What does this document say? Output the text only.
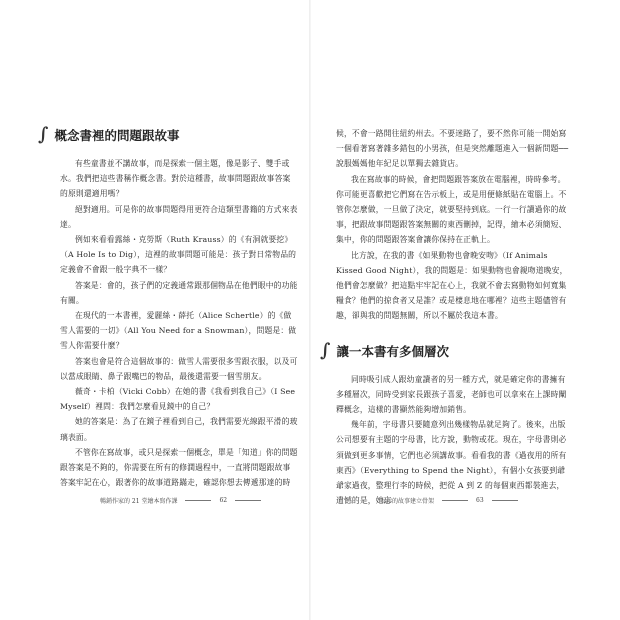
∫ 概念書裡的問題跟故事

有些童書並不講故事，而是探索一個主題，像是影子、雙手或水。我們把這些書稱作概念書。對於這種書，故事問題跟故事答案的原則還適用嗎？

絕對適用。可是你的故事問題得用更符合這類型書籍的方式來表達。

例如來看看露絲・克勞斯（Ruth Krauss）的《有洞就要挖》（A Hole Is to Dig），這裡的故事問題可能是：孩子對日常物品的定義會不會跟一般字典不一樣？

答案是：會的，孩子們的定義通常跟那個物品在他們眼中的功能有關。

在現代的一本書裡，愛麗絲・薛托（Alice Schertle）的《做雪人需要的一切》（All You Need for a Snowman），問題是：做雪人你需要什麼？

答案也會是符合這個故事的：做雪人需要很多雪跟衣服，以及可以當成眼睛、鼻子跟嘴巴的物品，最後還需要一個雪朋友。

薇奇・卡柏（Vicki Cobb）在她的書《我看到我自己》（I See Myself）裡問：我們怎麼看見鏡中的自己？

她的答案是：為了在鏡子裡看到自己，我們需要光線跟平滑的玻璃表面。

不管你在寫故事，或只是探索一個概念，單是「知道」你的問題跟答案是不夠的，你需要在所有的修潤過程中，一直將問題跟故事答案牢記在心，跟著你的故事道路蹣走，確認你想去傳遞那達的時

暢銷作家的 21 堂繪本寫作課	62

候，不會一路開往紐約州去。不要迷路了，要不然你可能一開始寫一個看著寫著雜多錯包的小男孩，但是突然離題進入一個新問題──說服媽媽他年紀足以單獨去雜貨店。

我在寫故事的時候，會把問題跟答案放在電腦裡，時時參考。你可能更喜歡把它們寫在告示板上，或是用便條紙貼在電腦上。不管你怎麼做，一旦做了決定，就要堅持到底。一行一行讀過你的故事，把跟故事問題跟答案無關的東西刪掉，記得，繪本必須簡短、集中，你的問題跟答案會讓你保持在正軌上。

比方說，在我的書《如果動物也會晚安吻》（If Animals Kissed Good Night），我的問題是：如果動物也會親吻道晚安，他們會怎麼做？把這點牢牢記在心上，我就不會去寫動物如何寬集糧食？他們的掠食者又是誰？或是棲息地在哪裡？這些主題儘管有趣，卻與我的問題無關，所以不屬於我這本書。

同時吸引成人跟幼童讀者的另一種方式，就是確定你的書擁有多種層次，同時受到家長跟孩子喜愛，老師也可以拿來在上課時闡釋概念，這樣的書顯然能夠增加銷售。

幾年前，字母書只要隨意列出幾樣物品就足夠了。後來，出版公司想要有主題的字母書，比方說，動物或花。現在，字母書則必須做到更多事情，它們也必須講故事。看看我的書《過夜用的所有東西》（Everything to Spend the Night），有個小女孩要到爺爺家過夜，整理行李的時候，把從 A 到 Z 的每個東西都裝進去，遺憾的是，她忘

∫ 讓一本書有多個層次
為你的故事建立骨架	63
